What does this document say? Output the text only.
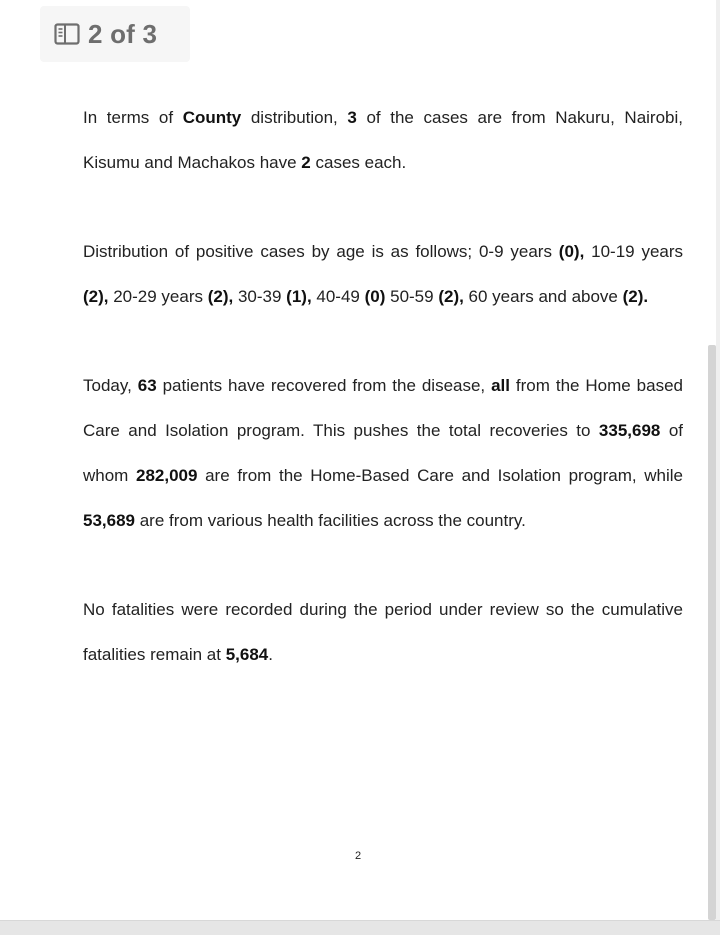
2 of 3

In terms of County distribution, 3 of the cases are from Nakuru, Nairobi, Kisumu and Machakos have 2 cases each.

Distribution of positive cases by age is as follows; 0-9 years (0), 10-19 years (2), 20-29 years (2), 30-39 (1), 40-49 (0) 50-59 (2), 60 years and above (2).

Today, 63 patients have recovered from the disease, all from the Home based Care and Isolation program. This pushes the total recoveries to 335,698 of whom 282,009 are from the Home-Based Care and Isolation program, while 53,689 are from various health facilities across the country.

No fatalities were recorded during the period under review so the cumulative fatalities remain at 5,684.

2
